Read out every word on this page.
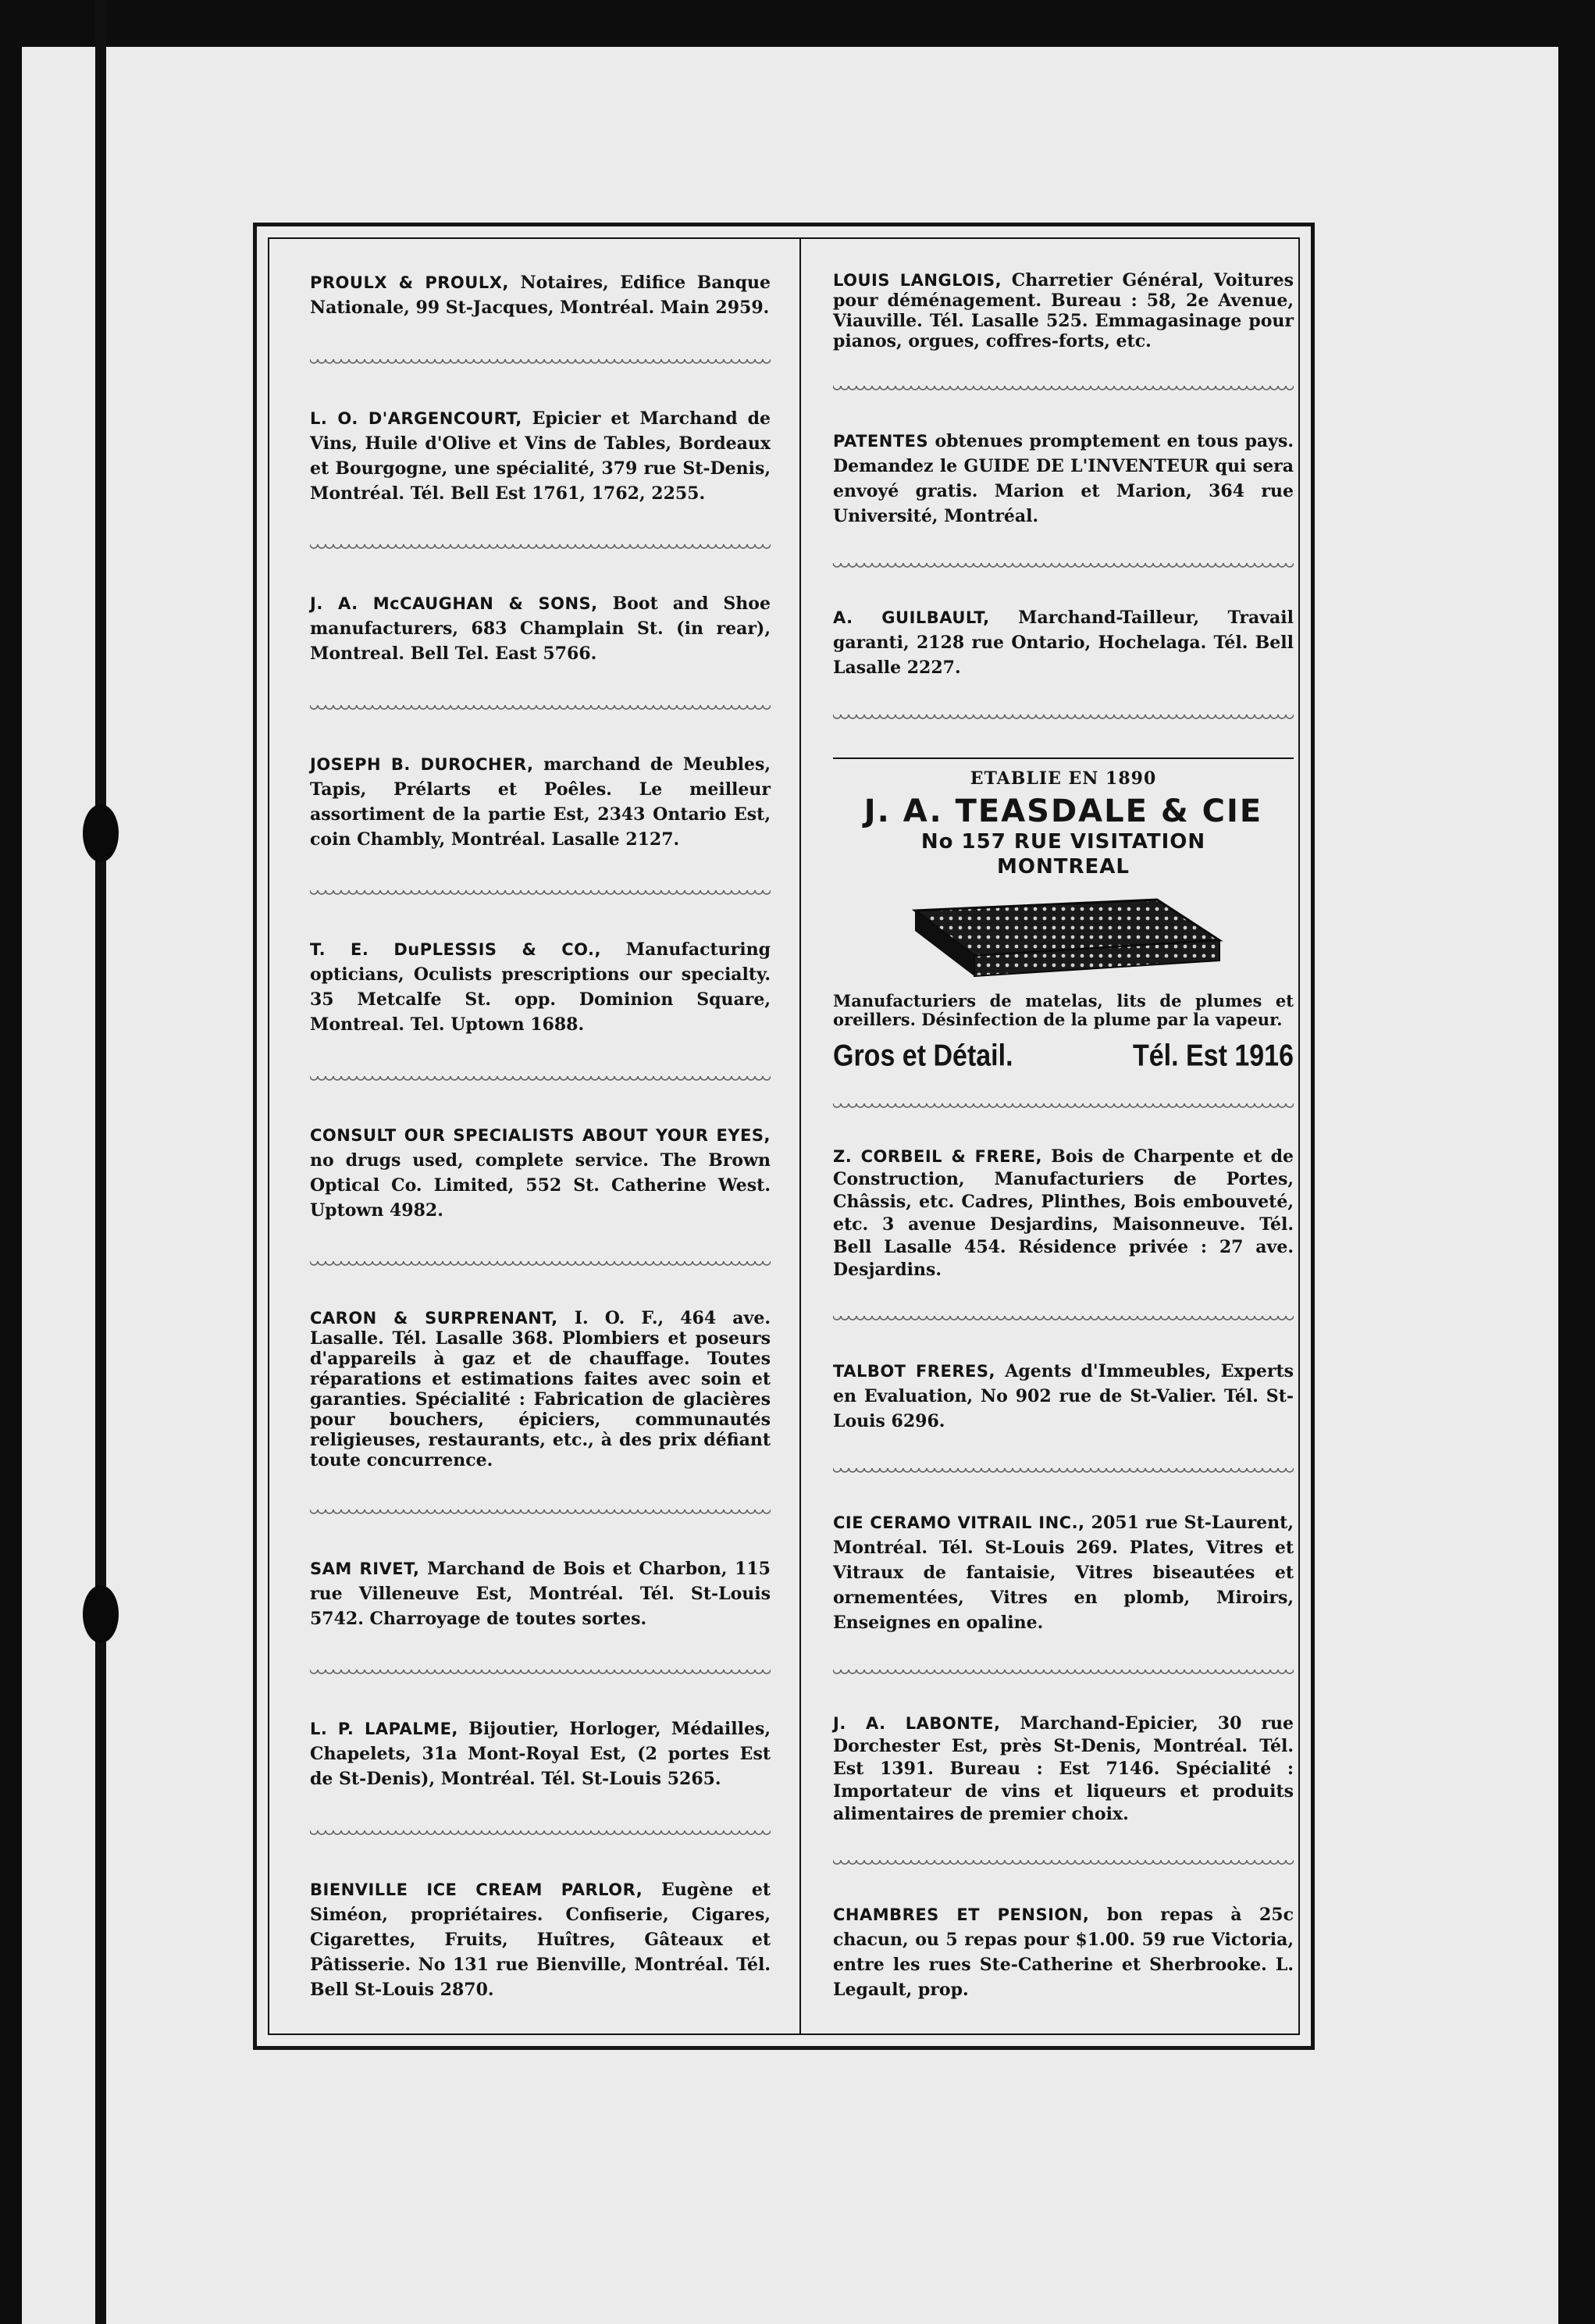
PROULX & PROULX, Notaires, Edifice Banque Nationale, 99 St-Jacques, Montréal. Main 2959.

L. O. D'ARGENCOURT, Epicier et Marchand de Vins, Huile d'Olive et Vins de Tables, Bordeaux et Bourgogne, une spécialité, 379 rue St-Denis, Montréal. Tél. Bell Est 1761, 1762, 2255.

J. A. McCAUGHAN & SONS, Boot and Shoe manufacturers, 683 Champlain St. (in rear), Montreal. Bell Tel. East 5766.

JOSEPH B. DUROCHER, marchand de Meubles, Tapis, Prélarts et Poêles. Le meilleur assortiment de la partie Est, 2343 Ontario Est, coin Chambly, Montréal. Lasalle 2127.

T. E. DuPLESSIS & CO., Manufacturing opticians, Oculists prescriptions our specialty. 35 Metcalfe St. opp. Dominion Square, Montreal. Tel. Uptown 1688.

CONSULT OUR SPECIALISTS ABOUT YOUR EYES, no drugs used, complete service. The Brown Optical Co. Limited, 552 St. Catherine West. Uptown 4982.

CARON & SURPRENANT, I. O. F., 464 ave. Lasalle. Tél. Lasalle 368. Plombiers et poseurs d'appareils à gaz et de chauffage. Toutes réparations et estimations faites avec soin et garanties. Spécialité : Fabrication de glacières pour bouchers, épiciers, communautés religieuses, restaurants, etc., à des prix défiant toute concurrence.

SAM RIVET, Marchand de Bois et Charbon, 115 rue Villeneuve Est, Montréal. Tél. St-Louis 5742. Charroyage de toutes sortes.

L. P. LAPALME, Bijoutier, Horloger, Médailles, Chapelets, 31a Mont-Royal Est, (2 portes Est de St-Denis), Montréal. Tél. St-Louis 5265.

BIENVILLE ICE CREAM PARLOR, Eugène et Siméon, propriétaires. Confiserie, Cigares, Cigarettes, Fruits, Huîtres, Gâteaux et Pâtisserie. No 131 rue Bienville, Montréal. Tél. Bell St-Louis 2870.

LOUIS LANGLOIS, Charretier Général, Voitures pour déménagement. Bureau : 58, 2e Avenue, Viauville. Tél. Lasalle 525. Emmagasinage pour pianos, orgues, coffres-forts, etc.

PATENTES obtenues promptement en tous pays. Demandez le GUIDE DE L'INVENTEUR qui sera envoyé gratis. Marion et Marion, 364 rue Université, Montréal.

A. GUILBAULT, Marchand-Tailleur, Travail garanti, 2128 rue Ontario, Hochelaga. Tél. Bell Lasalle 2227.

ETABLIE EN 1890
J. A. TEASDALE & CIE
No 157 RUE VISITATION
MONTREAL
Manufacturiers de matelas, lits de plumes et oreillers. Désinfection de la plume par la vapeur.
Gros et Détail.	Tél. Est 1916

Z. CORBEIL & FRERE, Bois de Charpente et de Construction, Manufacturiers de Portes, Châssis, etc. Cadres, Plinthes, Bois embouveté, etc. 3 avenue Desjardins, Maisonneuve. Tél. Bell Lasalle 454. Résidence privée : 27 ave. Desjardins.

TALBOT FRERES, Agents d'Immeubles, Experts en Evaluation, No 902 rue de St-Valier. Tél. St-Louis 6296.

CIE CERAMO VITRAIL INC., 2051 rue St-Laurent, Montréal. Tél. St-Louis 269. Plates, Vitres et Vitraux de fantaisie, Vitres biseautées et ornementées, Vitres en plomb, Miroirs, Enseignes en opaline.

J. A. LABONTE, Marchand-Epicier, 30 rue Dorchester Est, près St-Denis, Montréal. Tél. Est 1391. Bureau : Est 7146. Spécialité : Importateur de vins et liqueurs et produits alimentaires de premier choix.

CHAMBRES ET PENSION, bon repas à 25c chacun, ou 5 repas pour $1.00. 59 rue Victoria, entre les rues Ste-Catherine et Sherbrooke. L. Legault, prop.
